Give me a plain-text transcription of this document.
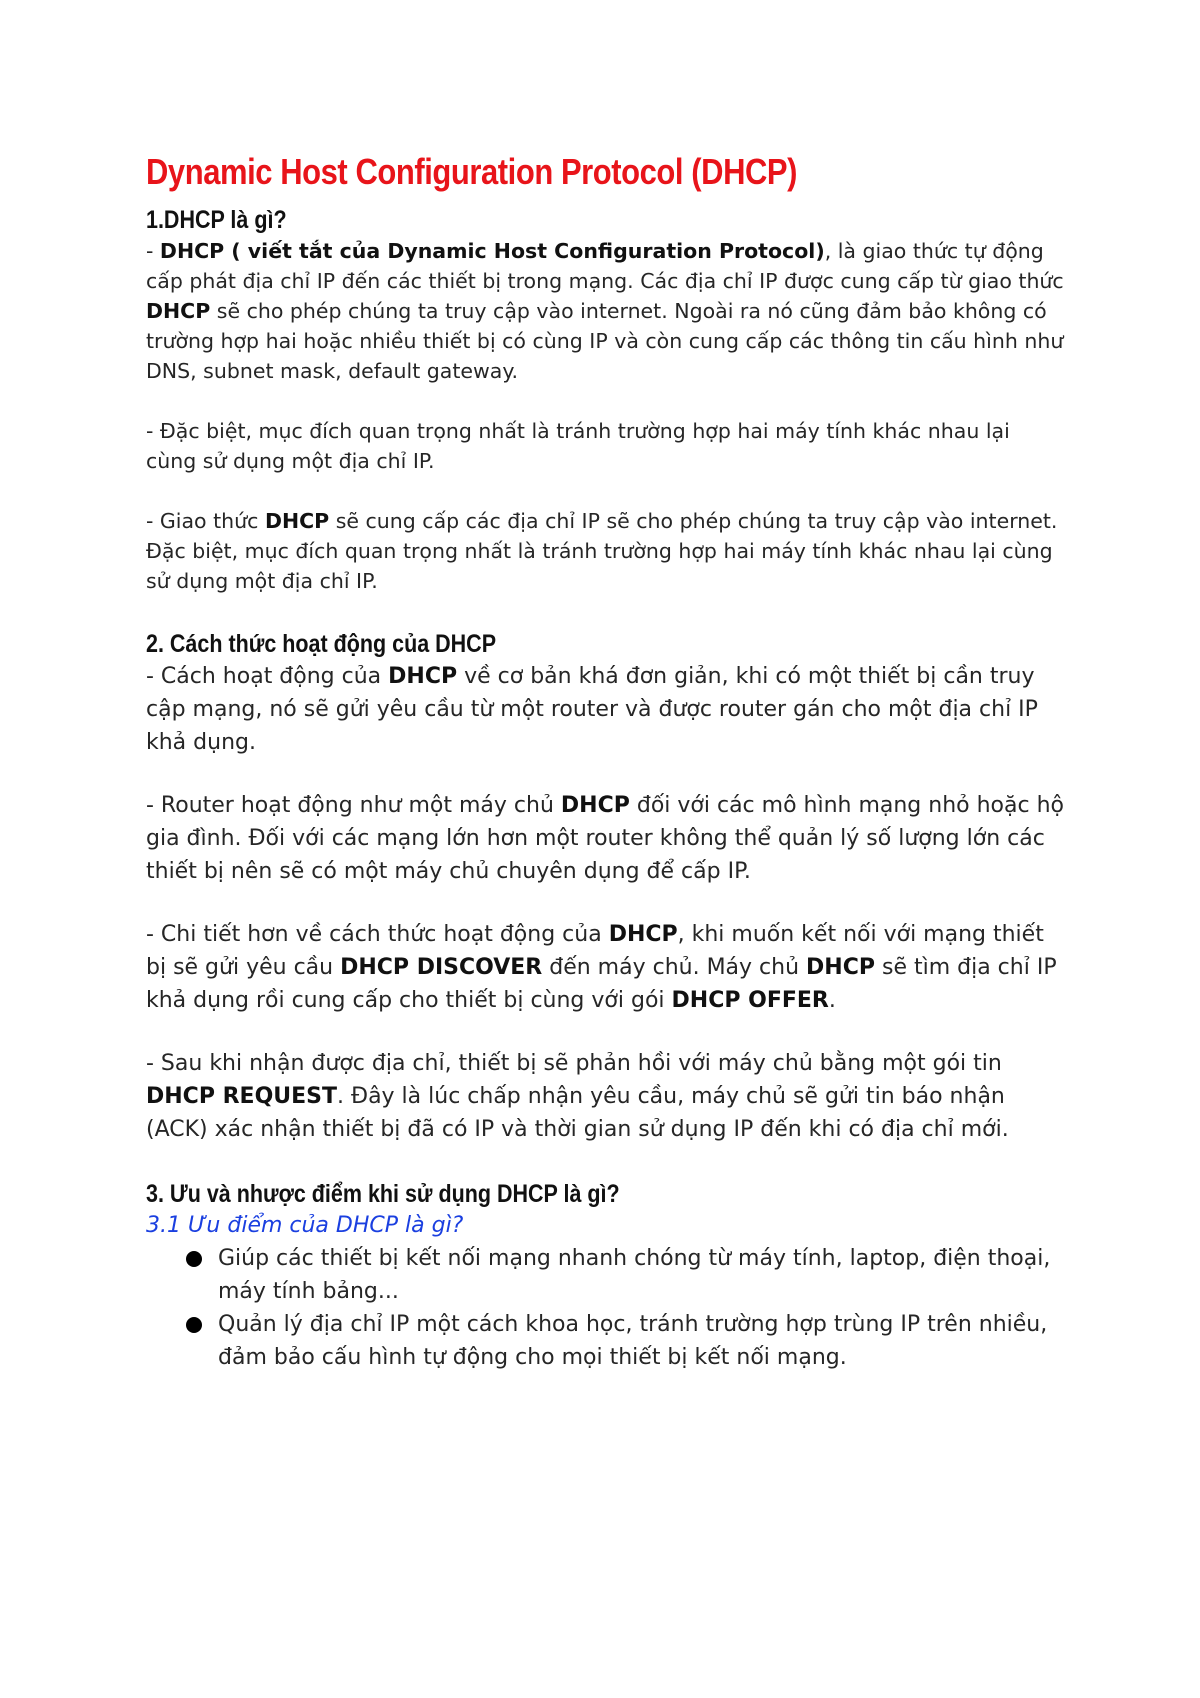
Dynamic Host Configuration Protocol (DHCP)
1.DHCP là gì?

- DHCP ( viết tắt của Dynamic Host Configuration Protocol), là giao thức tự động cấp phát địa chỉ IP đến các thiết bị trong mạng. Các địa chỉ IP được cung cấp từ giao thức DHCP sẽ cho phép chúng ta truy cập vào internet. Ngoài ra nó cũng đảm bảo không có trường hợp hai hoặc nhiều thiết bị có cùng IP và còn cung cấp các thông tin cấu hình như DNS, subnet mask, default gateway.

- Đặc biệt, mục đích quan trọng nhất là tránh trường hợp hai máy tính khác nhau lại cùng sử dụng một địa chỉ IP.

- Giao thức DHCP sẽ cung cấp các địa chỉ IP sẽ cho phép chúng ta truy cập vào internet. Đặc biệt, mục đích quan trọng nhất là tránh trường hợp hai máy tính khác nhau lại cùng sử dụng một địa chỉ IP.

2. Cách thức hoạt động của DHCP

- Cách hoạt động của DHCP về cơ bản khá đơn giản, khi có một thiết bị cần truy cập mạng, nó sẽ gửi yêu cầu từ một router và được router gán cho một địa chỉ IP khả dụng.

- Router hoạt động như một máy chủ DHCP đối với các mô hình mạng nhỏ hoặc hộ gia đình. Đối với các mạng lớn hơn một router không thể quản lý số lượng lớn các thiết bị nên sẽ có một máy chủ chuyên dụng để cấp IP.

- Chi tiết hơn về cách thức hoạt động của DHCP, khi muốn kết nối với mạng thiết bị sẽ gửi yêu cầu DHCP DISCOVER đến máy chủ. Máy chủ DHCP sẽ tìm địa chỉ IP khả dụng rồi cung cấp cho thiết bị cùng với gói DHCP OFFER.

- Sau khi nhận được địa chỉ, thiết bị sẽ phản hồi với máy chủ bằng một gói tin DHCP REQUEST. Đây là lúc chấp nhận yêu cầu, máy chủ sẽ gửi tin báo nhận (ACK) xác nhận thiết bị đã có IP và thời gian sử dụng IP đến khi có địa chỉ mới.

3. Ưu và nhược điểm khi sử dụng DHCP là gì?
3.1 Ưu điểm của DHCP là gì?
Giúp các thiết bị kết nối mạng nhanh chóng từ máy tính, laptop, điện thoại, máy tính bảng...
Quản lý địa chỉ IP một cách khoa học, tránh trường hợp trùng IP trên nhiều, đảm bảo cấu hình tự động cho mọi thiết bị kết nối mạng.
